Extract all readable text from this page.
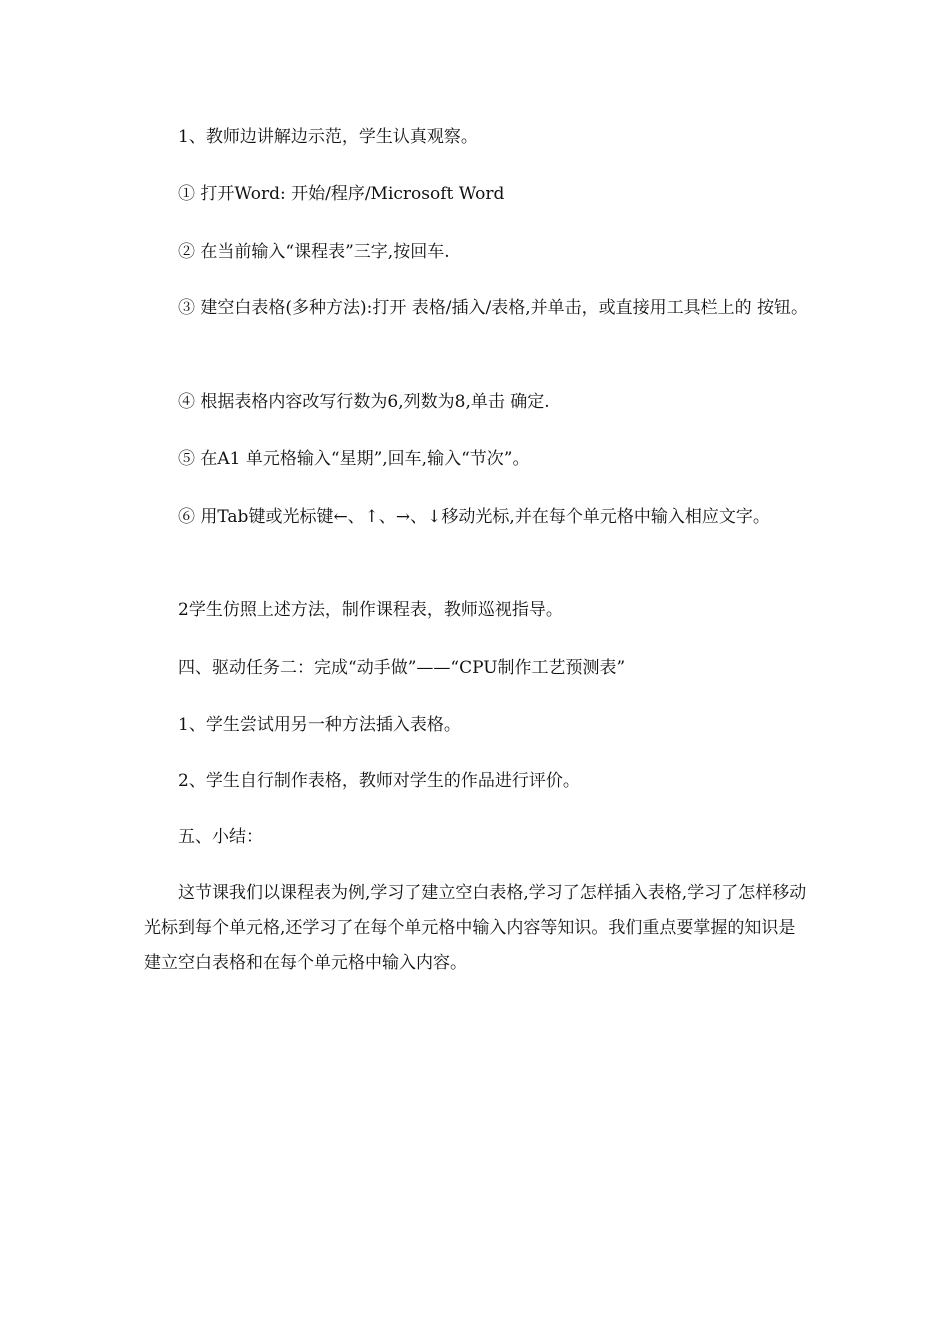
1、教师边讲解边示范，学生认真观察。

① 打开Word: 开始/程序/Microsoft Word

② 在当前输入“课程表”三字,按回车.

③ 建空白表格(多种方法):打开 表格/插入/表格,并单击，或直接用工具栏上的 按钮。

④ 根据表格内容改写行数为6,列数为8,单击 确定.

⑤ 在A1 单元格输入“星期”,回车,输入“节次”。

⑥ 用Tab键或光标键←、↑、→、↓移动光标,并在每个单元格中输入相应文字。

2学生仿照上述方法，制作课程表，教师巡视指导。

四、驱动任务二：完成“动手做”——“CPU制作工艺预测表”

1、学生尝试用另一种方法插入表格。

2、学生自行制作表格，教师对学生的作品进行评价。

五、小结：

这节课我们以课程表为例,学习了建立空白表格,学习了怎样插入表格,学习了怎样移动光标到每个单元格,还学习了在每个单元格中输入内容等知识。我们重点要掌握的知识是建立空白表格和在每个单元格中输入内容。
